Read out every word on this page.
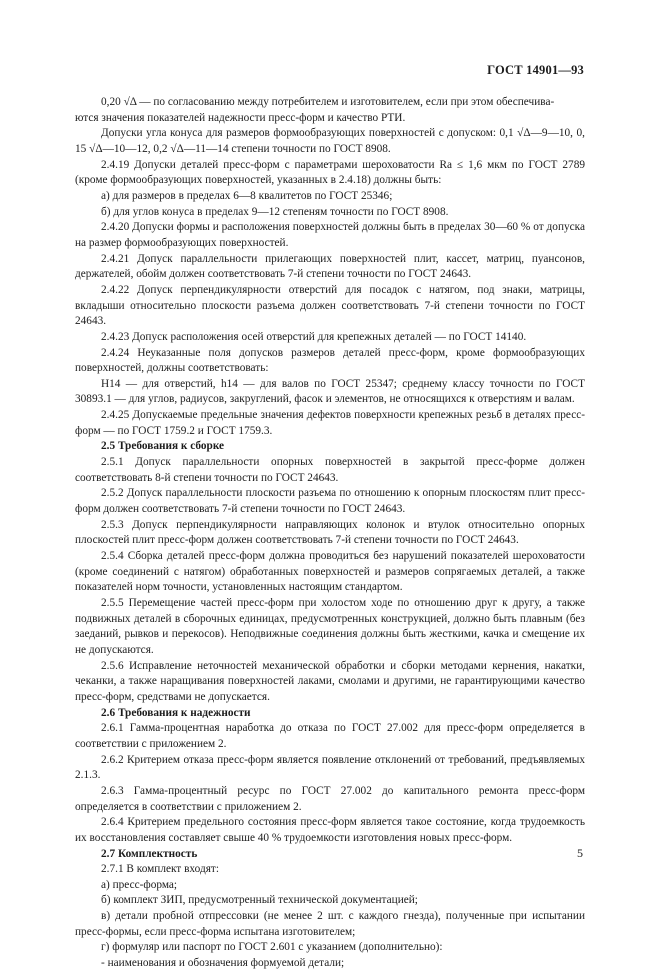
ГОСТ 14901—93

0,20 √Δ — по согласованию между потребителем и изготовителем, если при этом обеспечива-

ются значения показателей надежности пресс-форм и качество РТИ.

Допуски угла конуса для размеров формообразующих поверхностей с допуском: 0,1 √Δ—9—10, 0, 15 √Δ—10—12, 0,2 √Δ—11—14 степени точности по ГОСТ 8908.

2.4.19 Допуски деталей пресс-форм с параметрами шероховатости Ra ≤ 1,6 мкм по ГОСТ 2789 (кроме формообразующих поверхностей, указанных в 2.4.18) должны быть:

а) для размеров в пределах 6—8 квалитетов по ГОСТ 25346;

б) для углов конуса в пределах 9—12 степеням точности по ГОСТ 8908.

2.4.20 Допуски формы и расположения поверхностей должны быть в пределах 30—60 % от допуска на размер формообразующих поверхностей.

2.4.21 Допуск параллельности прилегающих поверхностей плит, кассет, матриц, пуансонов, держателей, обойм должен соответствовать 7-й степени точности по ГОСТ 24643.

2.4.22 Допуск перпендикулярности отверстий для посадок с натягом, под знаки, матрицы, вкладыши относительно плоскости разъема должен соответствовать 7-й степени точности по ГОСТ 24643.

2.4.23 Допуск расположения осей отверстий для крепежных деталей — по ГОСТ 14140.

2.4.24 Неуказанные поля допусков размеров деталей пресс-форм, кроме формообразующих поверхностей, должны соответствовать:

Н14 — для отверстий, h14 — для валов по ГОСТ 25347; среднему классу точности по ГОСТ 30893.1 — для углов, радиусов, закруглений, фасок и элементов, не относящихся к отверстиям и валам.

2.4.25 Допускаемые предельные значения дефектов поверхности крепежных резьб в деталях пресс-форм — по ГОСТ 1759.2 и ГОСТ 1759.3.

2.5 Требования к сборке

2.5.1 Допуск параллельности опорных поверхностей в закрытой пресс-форме должен соответствовать 8-й степени точности по ГОСТ 24643.

2.5.2 Допуск параллельности плоскости разъема по отношению к опорным плоскостям плит пресс-форм должен соответствовать 7-й степени точности по ГОСТ 24643.

2.5.3 Допуск перпендикулярности направляющих колонок и втулок относительно опорных плоскостей плит пресс-форм должен соответствовать 7-й степени точности по ГОСТ 24643.

2.5.4 Сборка деталей пресс-форм должна проводиться без нарушений показателей шероховатости (кроме соединений с натягом) обработанных поверхностей и размеров сопрягаемых деталей, а также показателей норм точности, установленных настоящим стандартом.

2.5.5 Перемещение частей пресс-форм при холостом ходе по отношению друг к другу, а также подвижных деталей в сборочных единицах, предусмотренных конструкцией, должно быть плавным (без заеданий, рывков и перекосов). Неподвижные соединения должны быть жесткими, качка и смещение их не допускаются.

2.5.6 Исправление неточностей механической обработки и сборки методами кернения, накатки, чеканки, а также наращивания поверхностей лаками, смолами и другими, не гарантирующими качество пресс-форм, средствами не допускается.

2.6 Требования к надежности

2.6.1 Гамма-процентная наработка до отказа по ГОСТ 27.002 для пресс-форм определяется в соответствии с приложением 2.

2.6.2 Критерием отказа пресс-форм является появление отклонений от требований, предъявляемых 2.1.3.

2.6.3 Гамма-процентный ресурс по ГОСТ 27.002 до капитального ремонта пресс-форм определяется в соответствии с приложением 2.

2.6.4 Критерием предельного состояния пресс-форм является такое состояние, когда трудоемкость их восстановления составляет свыше 40 % трудоемкости изготовления новых пресс-форм.

2.7 Комплектность

2.7.1 В комплект входят:

а) пресс-форма;

б) комплект ЗИП, предусмотренный технической документацией;

в) детали пробной отпрессовки (не менее 2 шт. с каждого гнезда), полученные при испытании пресс-формы, если пресс-форма испытана изготовителем;

г) формуляр или паспорт по ГОСТ 2.601 с указанием (дополнительно):

- наименования и обозначения формуемой детали;

5
